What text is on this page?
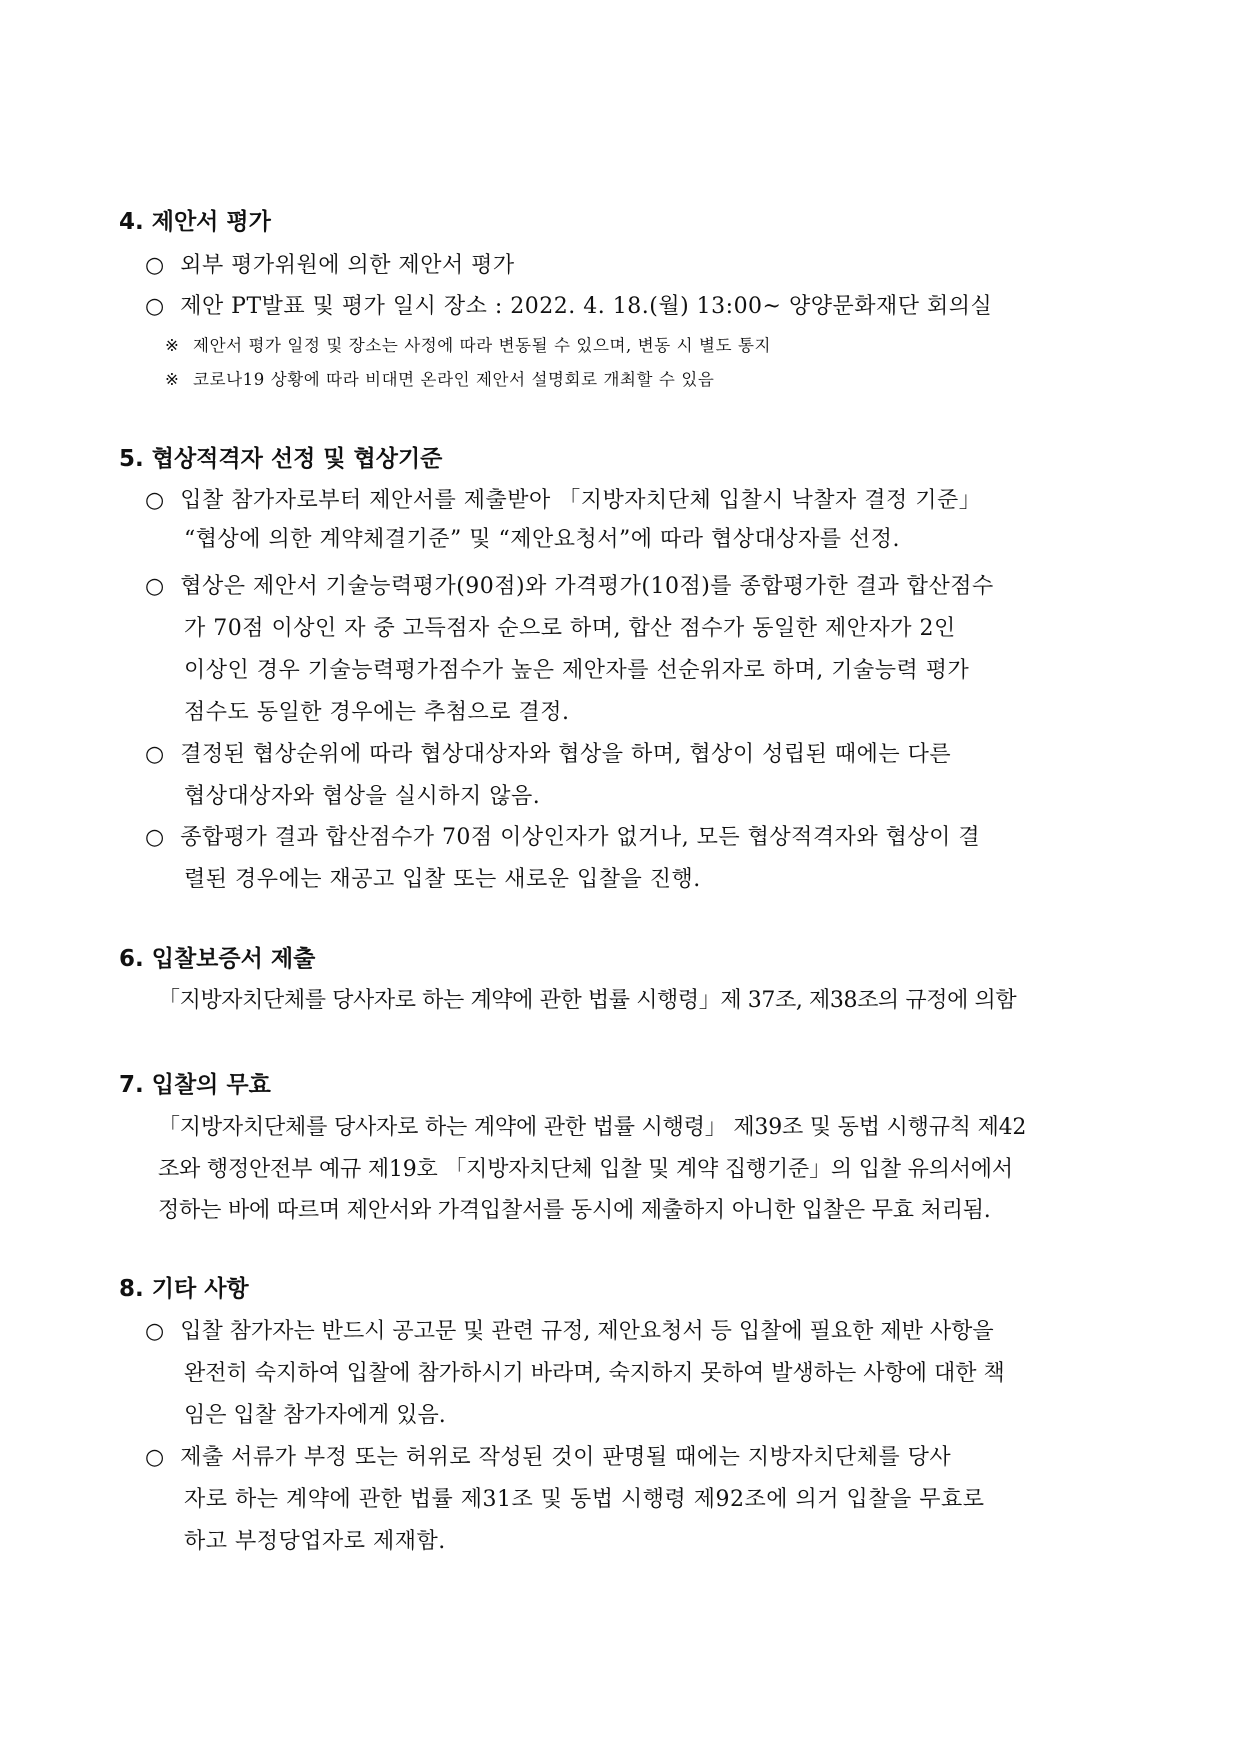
4. 제안서 평가
○ 외부 평가위원에 의한 제안서 평가
○ 제안 PT발표 및 평가 일시 장소 : 2022. 4. 18.(월) 13:00~ 양양문화재단 회의실
※ 제안서 평가 일정 및 장소는 사정에 따라 변동될 수 있으며, 변동 시 별도 통지
※ 코로나19 상황에 따라 비대면 온라인 제안서 설명회로 개최할 수 있음
5. 협상적격자 선정 및 협상기준
○ 입찰 참가자로부터 제안서를 제출받아 「지방자치단체 입찰시 낙찰자 결정 기준」
“협상에 의한 계약체결기준” 및 “제안요청서”에 따라 협상대상자를 선정.
○ 협상은 제안서 기술능력평가(90점)와 가격평가(10점)를 종합평가한 결과 합산점수
가 70점 이상인 자 중 고득점자 순으로 하며, 합산 점수가 동일한 제안자가 2인
이상인 경우 기술능력평가점수가 높은 제안자를 선순위자로 하며, 기술능력 평가
점수도 동일한 경우에는 추첨으로 결정.
○ 결정된 협상순위에 따라 협상대상자와 협상을 하며, 협상이 성립된 때에는 다른
협상대상자와 협상을 실시하지 않음.
○ 종합평가 결과 합산점수가 70점 이상인자가 없거나, 모든 협상적격자와 협상이 결
렬된 경우에는 재공고 입찰 또는 새로운 입찰을 진행.
6. 입찰보증서 제출
「지방자치단체를 당사자로 하는 계약에 관한 법률 시행령」제 37조, 제38조의 규정에 의함
7. 입찰의 무효
「지방자치단체를 당사자로 하는 계약에 관한 법률 시행령」 제39조 및 동법 시행규칙 제42
조와 행정안전부 예규 제19호 「지방자치단체 입찰 및 계약 집행기준」의 입찰 유의서에서
정하는 바에 따르며 제안서와 가격입찰서를 동시에 제출하지 아니한 입찰은 무효 처리됨.
8. 기타 사항
○ 입찰 참가자는 반드시 공고문 및 관련 규정, 제안요청서 등 입찰에 필요한 제반 사항을
완전히 숙지하여 입찰에 참가하시기 바라며, 숙지하지 못하여 발생하는 사항에 대한 책
임은 입찰 참가자에게 있음.
○ 제출 서류가 부정 또는 허위로 작성된 것이 판명될 때에는 지방자치단체를 당사
자로 하는 계약에 관한 법률 제31조 및 동법 시행령 제92조에 의거 입찰을 무효로
하고 부정당업자로 제재함.
